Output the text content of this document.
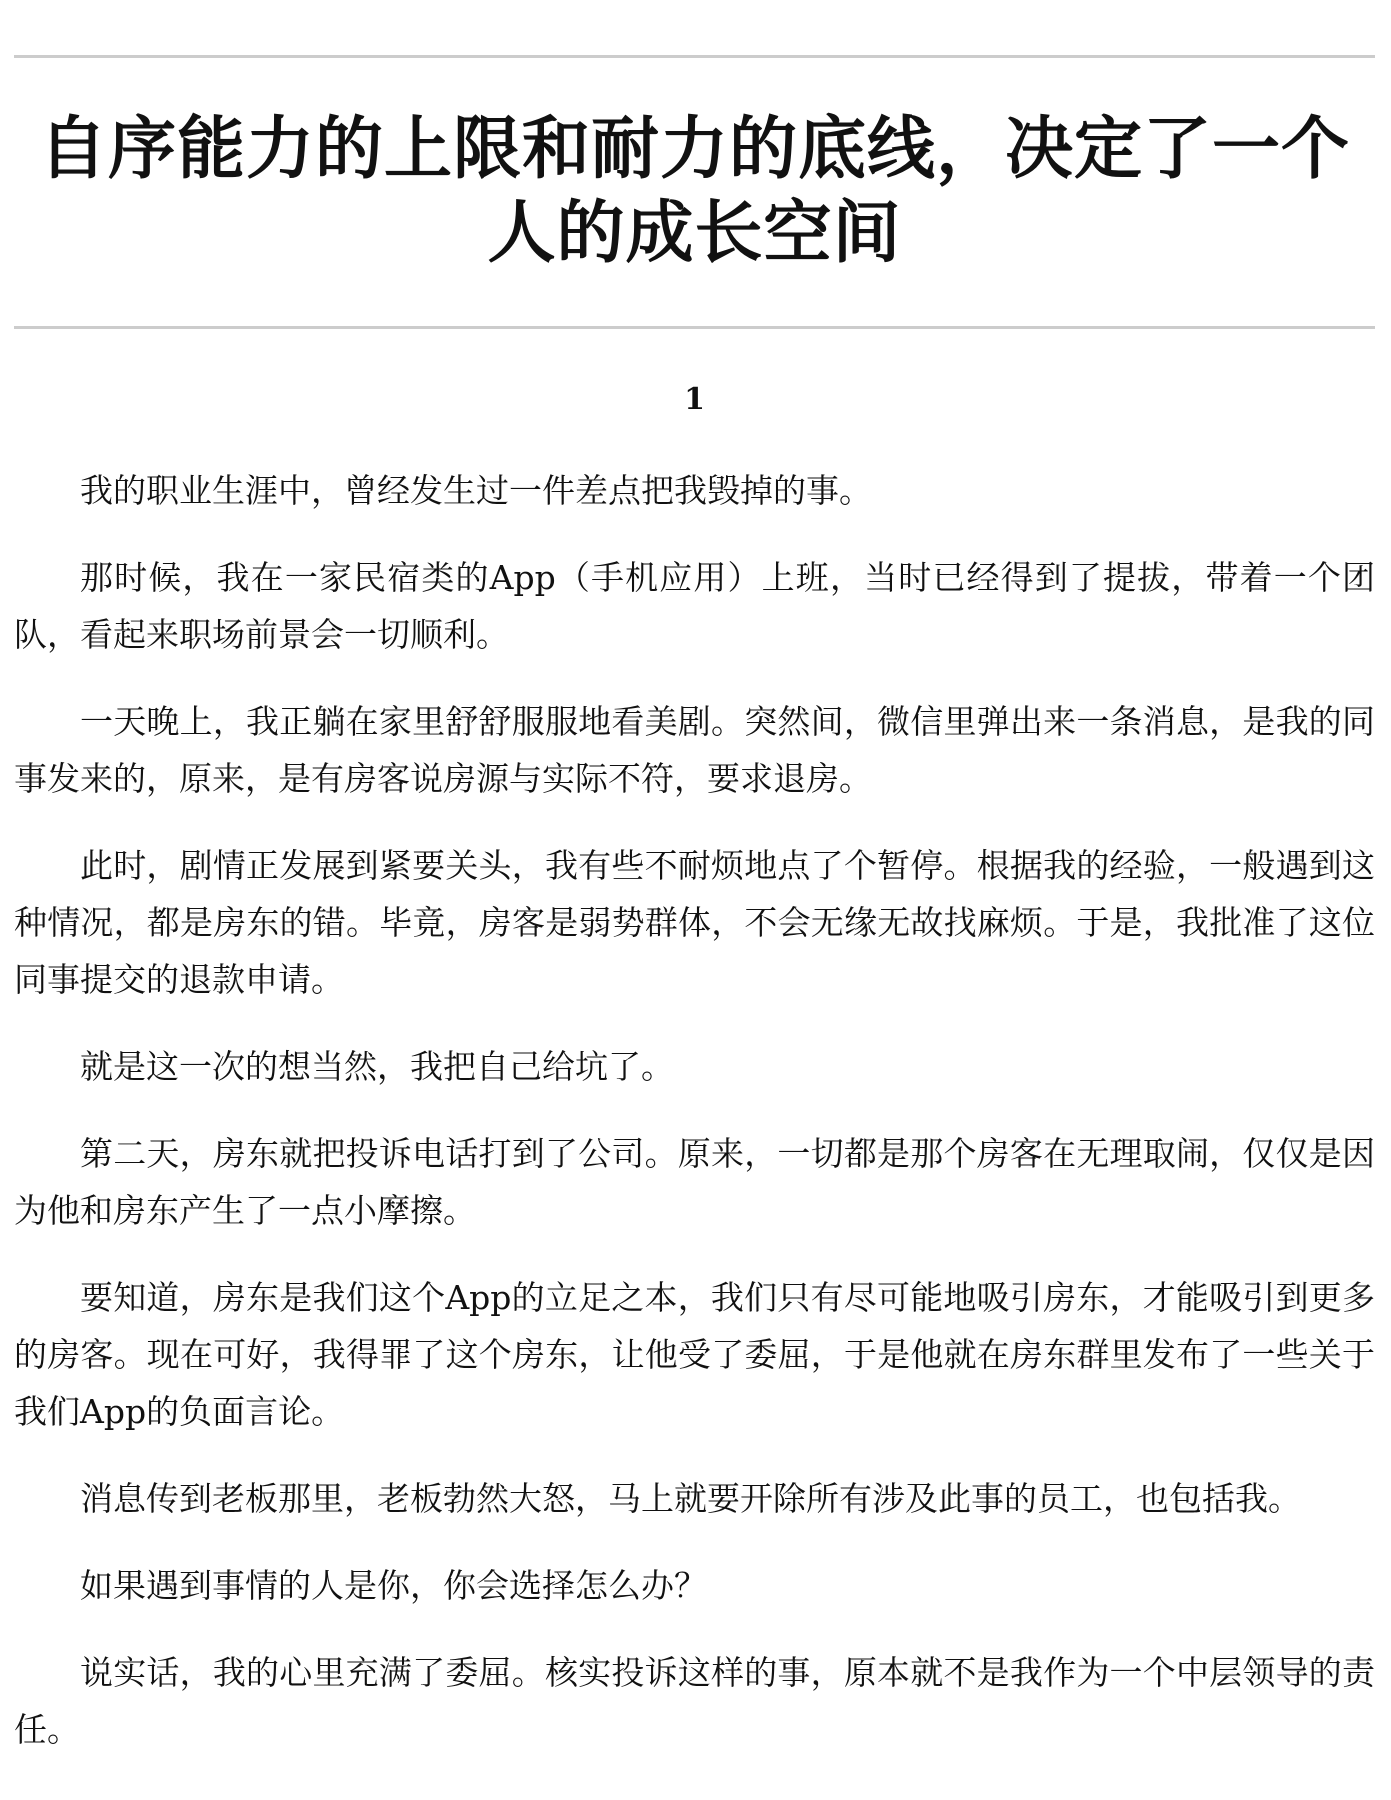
自序能力的上限和耐力的底线，决定了一个人的成长空间
1

我的职业生涯中，曾经发生过一件差点把我毁掉的事。

那时候，我在一家民宿类的App（手机应用）上班，当时已经得到了提拔，带着一个团队，看起来职场前景会一切顺利。

一天晚上，我正躺在家里舒舒服服地看美剧。突然间，微信里弹出来一条消息，是我的同事发来的，原来，是有房客说房源与实际不符，要求退房。

此时，剧情正发展到紧要关头，我有些不耐烦地点了个暂停。根据我的经验，一般遇到这种情况，都是房东的错。毕竟，房客是弱势群体，不会无缘无故找麻烦。于是，我批准了这位同事提交的退款申请。

就是这一次的想当然，我把自己给坑了。

第二天，房东就把投诉电话打到了公司。原来，一切都是那个房客在无理取闹，仅仅是因为他和房东产生了一点小摩擦。

要知道，房东是我们这个App的立足之本，我们只有尽可能地吸引房东，才能吸引到更多的房客。现在可好，我得罪了这个房东，让他受了委屈，于是他就在房东群里发布了一些关于我们App的负面言论。

消息传到老板那里，老板勃然大怒，马上就要开除所有涉及此事的员工，也包括我。

如果遇到事情的人是你，你会选择怎么办？

说实话，我的心里充满了委屈。核实投诉这样的事，原本就不是我作为一个中层领导的责任。
